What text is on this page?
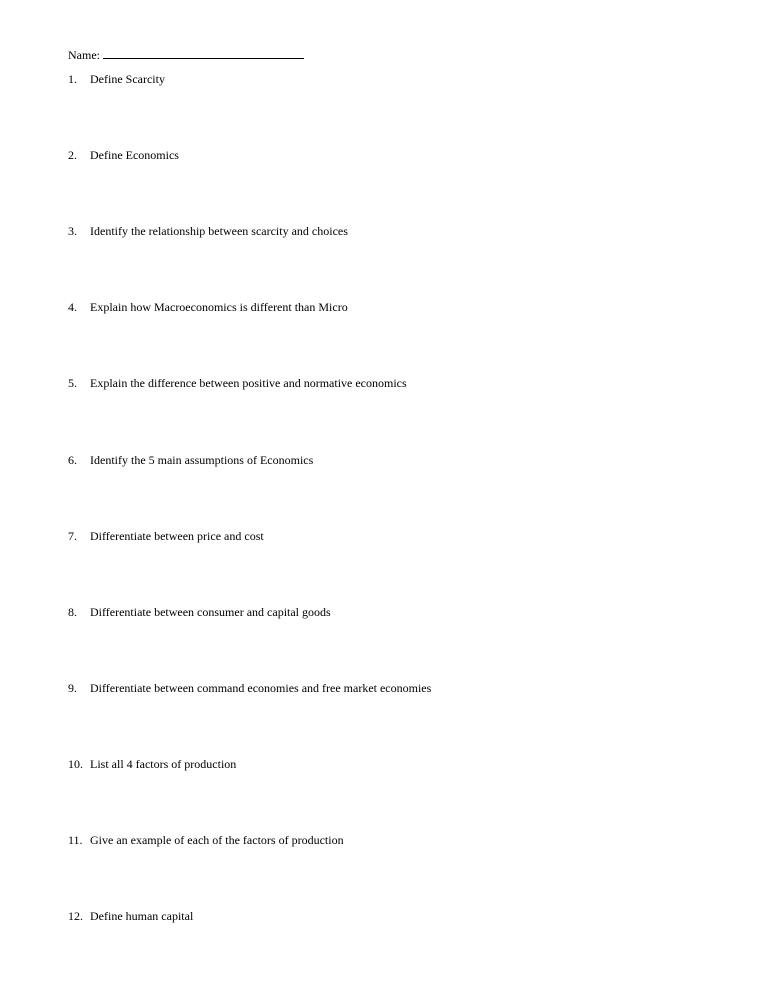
Name:
1. Define Scarcity
2. Define Economics
3. Identify the relationship between scarcity and choices
4. Explain how Macroeconomics is different than Micro
5. Explain the difference between positive and normative economics
6. Identify the 5 main assumptions of Economics
7. Differentiate between price and cost
8. Differentiate between consumer and capital goods
9. Differentiate between command economies and free market economies
10. List all 4 factors of production
11. Give an example of each of the factors of production
12. Define human capital
